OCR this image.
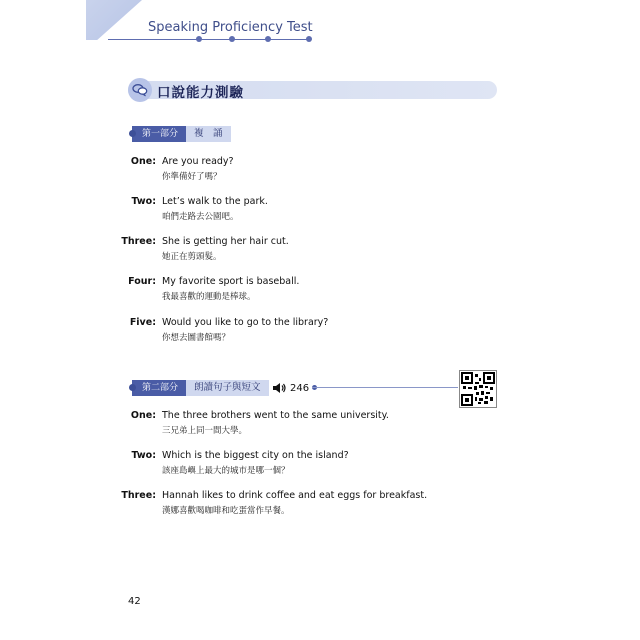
Speaking Proficiency Test
口說能力測驗
第一部分	複　誦
One: Are you ready?
你準備好了嗎？
Two: Let’s walk to the park.
咱們走路去公園吧。
Three: She is getting her hair cut.
她正在剪頭髮。
Four: My favorite sport is baseball.
我最喜歡的運動是棒球。
Five: Would you like to go to the library?
你想去圖書館嗎？
第二部分	朗讀句子與短文	246
One: The three brothers went to the same university.
三兄弟上同一間大學。
Two: Which is the biggest city on the island?
該座島嶼上最大的城市是哪一個？
Three: Hannah likes to drink coffee and eat eggs for breakfast.
漢娜喜歡喝咖啡和吃蛋當作早餐。
42
